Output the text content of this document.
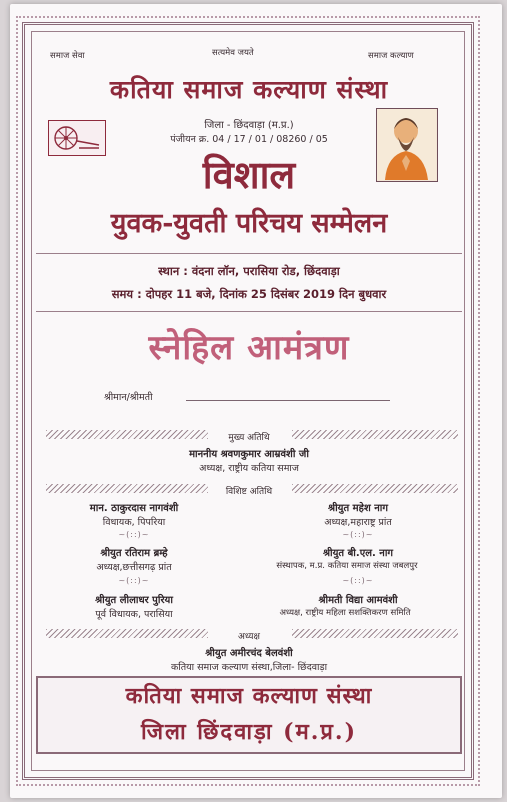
समाज सेवा	सत्यमेव जयते	समाज कल्याण
कतिया समाज कल्याण संस्था
जिला - छिंदवाड़ा (म.प्र.)
पंजीयन क्र. 04 / 17 / 01 / 08260 / 05
विशाल
युवक-युवती परिचय सम्मेलन
स्थान : वंदना लॉन, परासिया रोड, छिंदवाड़ा
समय : दोपहर 11 बजे, दिनांक 25 दिसंबर 2019 दिन बुधवार
स्नेहिल आमंत्रण
श्रीमान/श्रीमती
मुख्य अतिथि
माननीय श्रवणकुमार आम्रवंशी जी
अध्यक्ष, राष्ट्रीय कतिया समाज
विशिष्ट अतिथि
मान. ठाकुरदास नागवंशी
विधायक, पिपरिया
श्रीयुत महेश नाग
अध्यक्ष,महाराष्ट्र प्रांत
~(::)~	~(::)~
श्रीयुत रतिराम ब्रम्हे
अध्यक्ष,छत्तीसगढ़ प्रांत
श्रीयुत बी.एल. नाग
संस्थापक, म.प्र. कतिया समाज संस्था जबलपुर
~(::)~	~(::)~
श्रीयुत लीलाधर पुरिया
पूर्व विधायक, परासिया
श्रीमती विद्या आमवंशी
अध्यक्ष, राष्ट्रीय महिला सशक्तिकरण समिति
अध्यक्ष
श्रीयुत अमीरचंद बेलवंशी
कतिया समाज कल्याण संस्था,जिला- छिंदवाड़ा
कतिया समाज कल्याण संस्था
जिला छिंदवाड़ा (म.प्र.)
